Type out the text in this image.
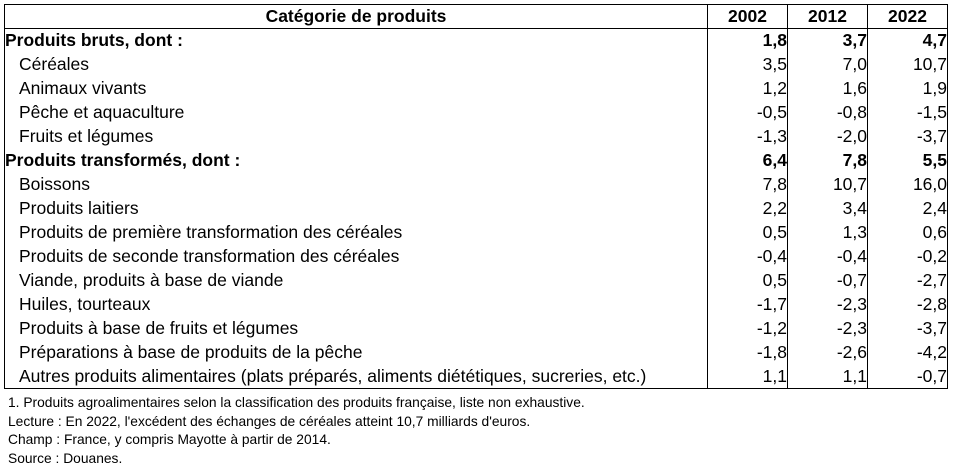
Catégorie de produits	2002	2012	2022
Produits bruts, dont :	1,8	3,7	4,7
Céréales	3,5	7,0	10,7
Animaux vivants	1,2	1,6	1,9
Pêche et aquaculture	-0,5	-0,8	-1,5
Fruits et légumes	-1,3	-2,0	-3,7
Produits transformés, dont :	6,4	7,8	5,5
Boissons	7,8	10,7	16,0
Produits laitiers	2,2	3,4	2,4
Produits de première transformation des céréales	0,5	1,3	0,6
Produits de seconde transformation des céréales	-0,4	-0,4	-0,2
Viande, produits à base de viande	0,5	-0,7	-2,7
Huiles, tourteaux	-1,7	-2,3	-2,8
Produits à base de fruits et légumes	-1,2	-2,3	-3,7
Préparations à base de produits de la pêche	-1,8	-2,6	-4,2
Autres produits alimentaires (plats préparés, aliments diététiques, sucreries, etc.)	1,1	1,1	-0,7
1. Produits agroalimentaires selon la classification des produits française, liste non exhaustive.
Lecture : En 2022, l'excédent des échanges de céréales atteint 10,7 milliards d'euros.
Champ : France, y compris Mayotte à partir de 2014.
Source : Douanes.
